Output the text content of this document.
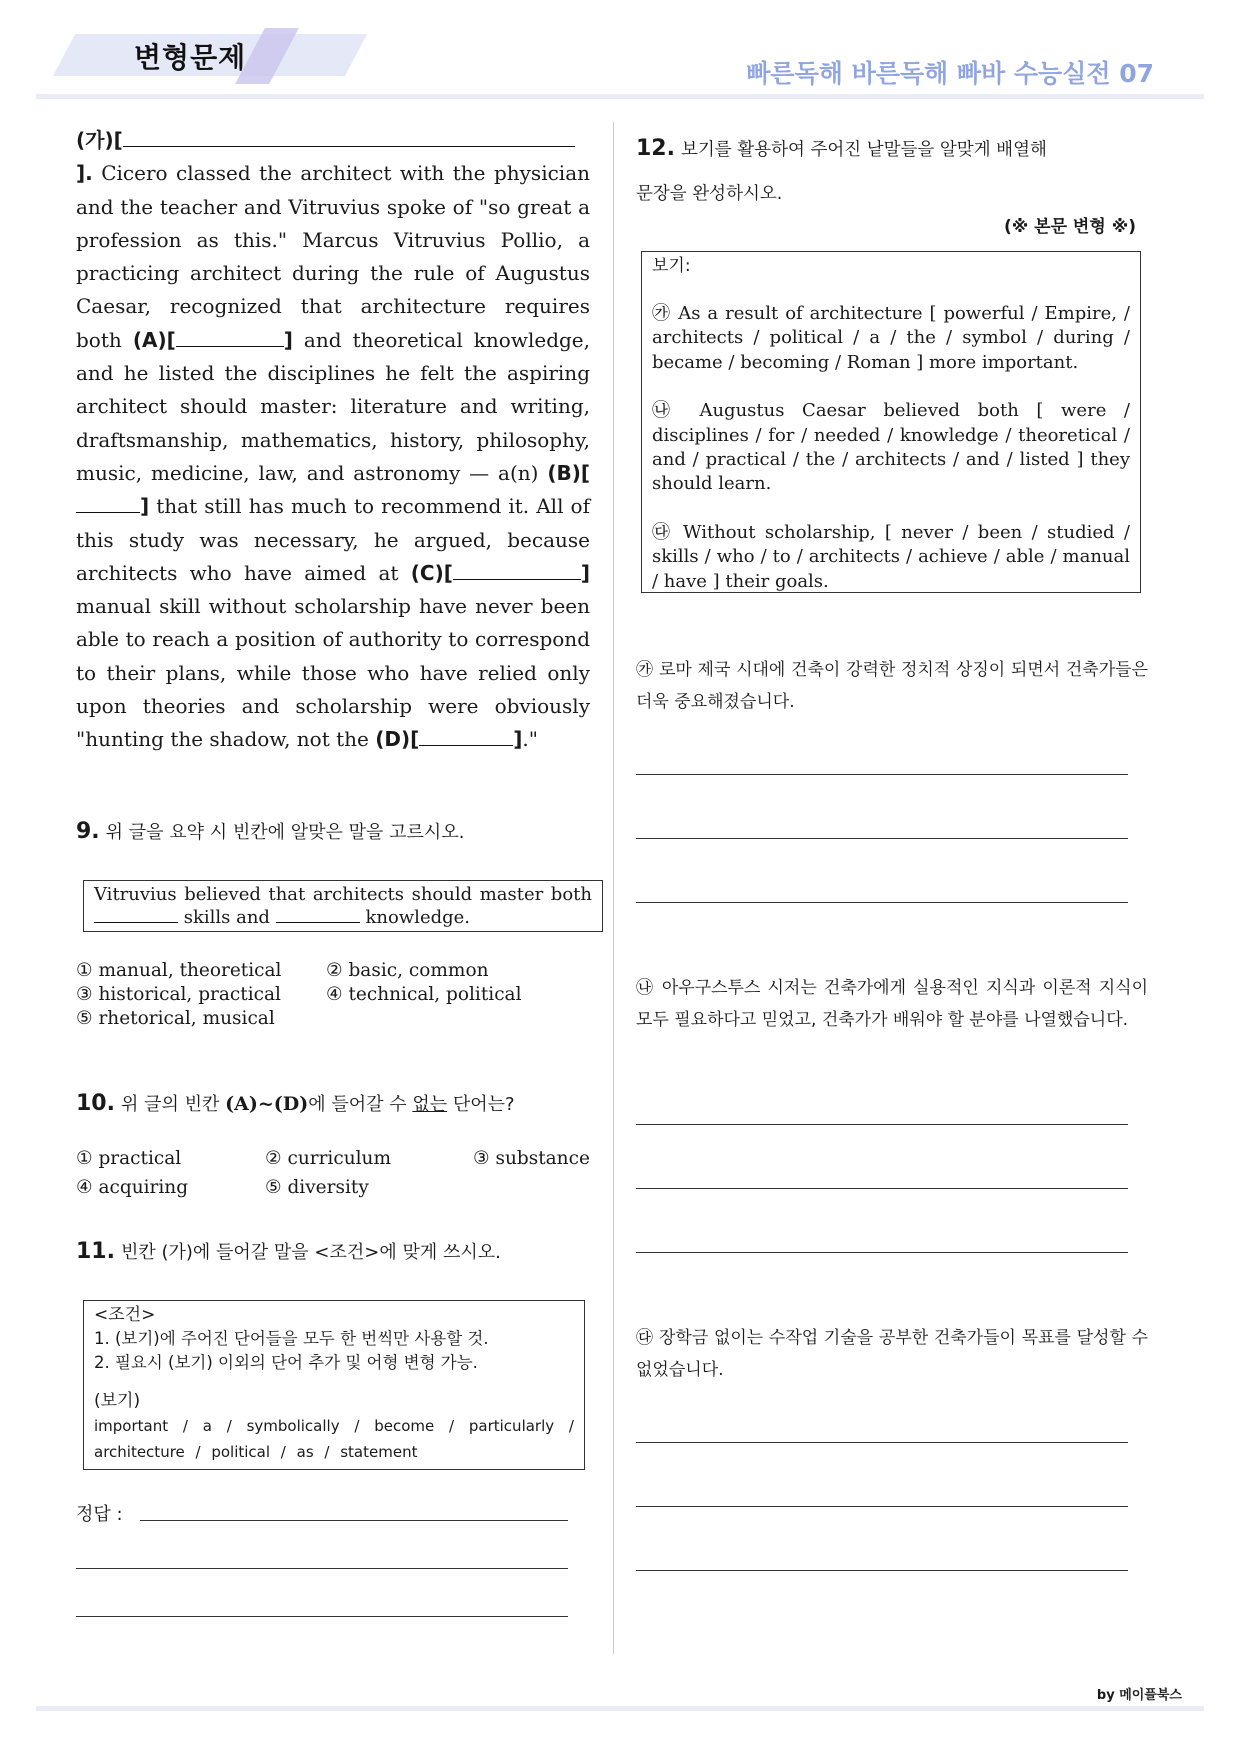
변형문제	빠른독해 바른독해 빠바 수능실전 07
(가)[]. Cicero classed the architect with the physician and the teacher and Vitruvius spoke of "so great a profession as this." Marcus Vitruvius Pollio, a practicing architect during the rule of Augustus Caesar, recognized that architecture requires both (A)[	] and theoretical knowledge, and he listed the disciplines he felt the aspiring architect should master: literature and writing, draftsmanship, mathematics, history, philosophy, music, medicine, law, and astronomy — a(n) (B)[] that still has much to recommend it. All of this study was necessary, he argued, because architects who have aimed at (C)[	] manual skill without scholarship have never been able to reach a position of authority to correspond to their plans, while those who have relied only upon theories and scholarship were obviously "hunting the shadow, not the (D)[	]."
9. 위 글을 요약 시 빈칸에 알맞은 말을 고르시오.
Vitruvius believed that architects should master both
skills and	knowledge.
① manual, theoretical ② basic, common
③ historical, practical ④ technical, political
⑤ rhetorical, musical
10. 위 글의 빈칸 (A)~(D)에 들어갈 수 없는 단어는?
① practical	② curriculum	③ substance
④ acquiring	⑤ diversity
11. 빈칸 (가)에 들어갈 말을 <조건>에 맞게 쓰시오.
<조건>
1. (보기)에 주어진 단어들을 모두 한 번씩만 사용할 것.
2. 필요시 (보기) 이외의 단어 추가 및 어형 변형 가능.
(보기)
important / a / symbolically / become / particularly / architecture / political / as / statement
정답 :
12. 보기를 활용하여 주어진 낱말들을 알맞게 배열해
문장을 완성하시오.
(※ 본문 변형 ※)
보기:
㉮ As a result of architecture [ powerful / Empire, / architects / political / a / the / symbol / during / became / becoming / Roman ] more important.
㉯ Augustus Caesar believed both [ were / disciplines / for / needed / knowledge / theoretical / and / practical / the / architects / and / listed ] they should learn.
㉰ Without scholarship, [ never / been / studied / skills / who / to / architects / achieve / able / manual / have ] their goals.
㉮ 로마 제국 시대에 건축이 강력한 정치적 상징이 되면서 건축가들은 더욱 중요해졌습니다.
㉯ 아우구스투스 시저는 건축가에게 실용적인 지식과 이론적 지식이 모두 필요하다고 믿었고, 건축가가 배워야 할 분야를 나열했습니다.
㉰ 장학금 없이는 수작업 기술을 공부한 건축가들이 목표를 달성할 수 없었습니다.
by 메이플북스
